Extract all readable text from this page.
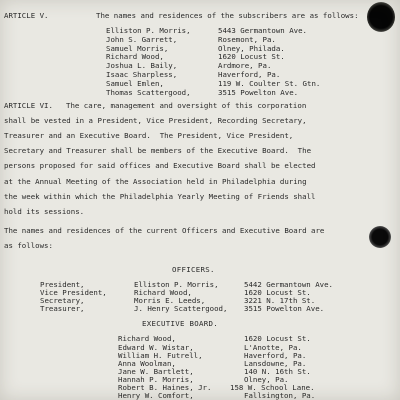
ARTICLE V.	The names and residences of the subscribers are as follows:
Elliston P. Morris,	5443 Germantown Ave.
John S. Garrett,	Rosemont, Pa.
Samuel Morris,	Olney, Philada.
Richard Wood,	1620 Locust St.
Joshua L. Baily,	Ardmore, Pa.
Isaac Sharpless,	Haverford, Pa.
Samuel Emlen,	119 W. Coulter St. Gtn.
Thomas Scattergood,	3515 Powelton Ave.
ARTICLE VI. The care, management and oversight of this corporation
shall be vested in a President, Vice President, Recording Secretary,
Treasurer and an Executive Board.  The President, Vice President,
Secretary and Treasurer shall be members of the Executive Board.  The
persons proposed for said offices and Executive Board shall be elected
at the Annual Meeting of the Association held in Philadelphia during
the week within which the Philadelphia Yearly Meeting of Friends shall
hold its sessions.
The names and residences of the current Officers and Executive Board are
as follows:
OFFICERS.
President,	Elliston P. Morris,	5442 Germantown Ave.
Vice President,	Richard Wood,	1620 Locust St.
Secretary,	Morris E. Leeds,	3221 N. 17th St.
Treasurer,	J. Henry Scattergood, 3515 Powelton Ave.
EXECUTIVE BOARD.
Richard Wood,	1620 Locust St.
Edward W. Wistar,	L'Anotte, Pa.
William H. Futrell,	Haverford, Pa.
Anna Woolman,	Lansdowne, Pa.
Jane W. Bartlett,	140 N. 16th St.
Hannah P. Morris,	Olney, Pa.
Robert B. Haines, Jr.	158 W. School Lane.
Henry W. Comfort,	Fallsington, Pa.
